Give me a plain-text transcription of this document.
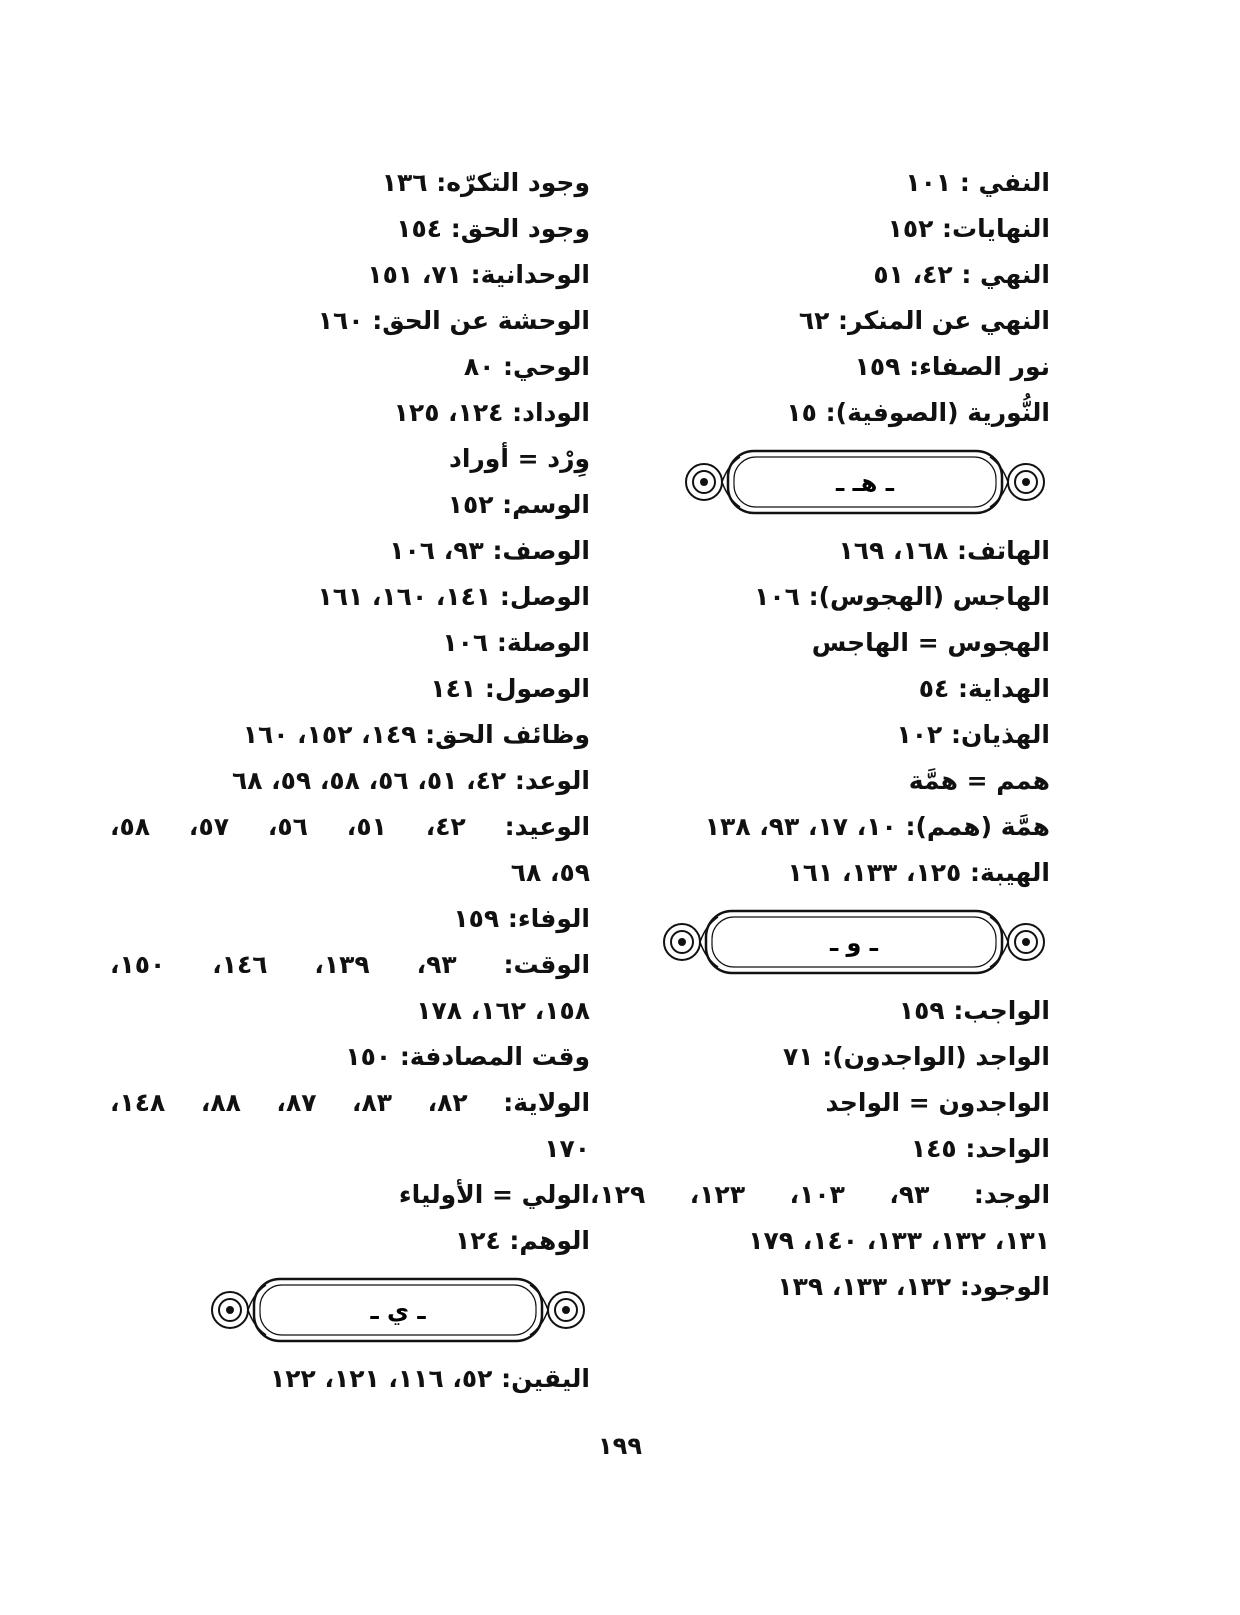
النفي : ١٠١
النهايات: ١٥٢
النهي : ٤٢، ٥١
النهي عن المنكر: ٦٢
نور الصفاء: ١٥٩
النُّورية (الصوفية): ١٥
ـ هـ ـ
الهاتف: ١٦٨، ١٦٩
الهاجس (الهجوس): ١٠٦
الهجوس = الهاجس
الهداية: ٥٤
الهذيان: ١٠٢
همم = همَّة
همَّة (همم): ١٠، ١٧، ٩٣، ١٣٨
الهيبة: ١٢٥، ١٣٣، ١٦١
ـ و ـ
الواجب: ١٥٩
الواجد (الواجدون): ٧١
الواجدون = الواجد
الواحد: ١٤٥
الوجد: ٩٣، ١٠٣، ١٢٣، ١٢٩،
١٣١، ١٣٢، ١٣٣، ١٤٠، ١٧٩
الوجود: ١٣٢، ١٣٣، ١٣٩
وجود التكرّه: ١٣٦
وجود الحق: ١٥٤
الوحدانية: ٧١، ١٥١
الوحشة عن الحق: ١٦٠
الوحي: ٨٠
الوداد: ١٢٤، ١٢٥
وِرْد = أوراد
الوسم: ١٥٢
الوصف: ٩٣، ١٠٦
الوصل: ١٤١، ١٦٠، ١٦١
الوصلة: ١٠٦
الوصول: ١٤١
وظائف الحق: ١٤٩، ١٥٢، ١٦٠
الوعد: ٤٢، ٥١، ٥٦، ٥٨، ٥٩، ٦٨
الوعيد: ٤٢، ٥١، ٥٦، ٥٧، ٥٨،
٥٩، ٦٨
الوفاء: ١٥٩
الوقت: ٩٣، ١٣٩، ١٤٦، ١٥٠،
١٥٨، ١٦٢، ١٧٨
وقت المصادفة: ١٥٠
الولاية: ٨٢، ٨٣، ٨٧، ٨٨، ١٤٨،
١٧٠
الولي = الأولياء
الوهم: ١٢٤
ـ ي ـ
اليقين: ٥٢، ١١٦، ١٢١، ١٢٢
١٩٩
